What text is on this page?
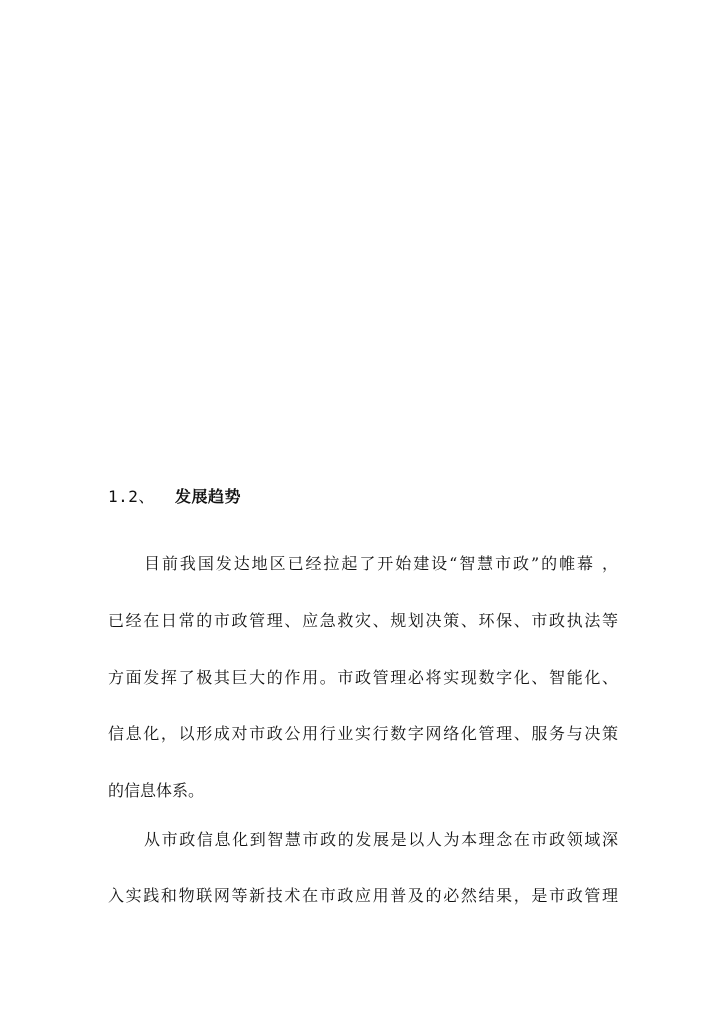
1.2、 发展趋势
目前我国发达地区已经拉起了开始建设“智慧市政”的帷幕 ，
已经在日常的市政管理、应急救灾、规划决策、环保、市政执法等
方面发挥了极其巨大的作用。市政管理必将实现数字化、智能化、
信息化，以形成对市政公用行业实行数字网络化管理、服务与决策
的信息体系。
从市政信息化到智慧市政的发展是以人为本理念在市政领域深
入实践和物联网等新技术在市政应用普及的必然结果，是市政管理
